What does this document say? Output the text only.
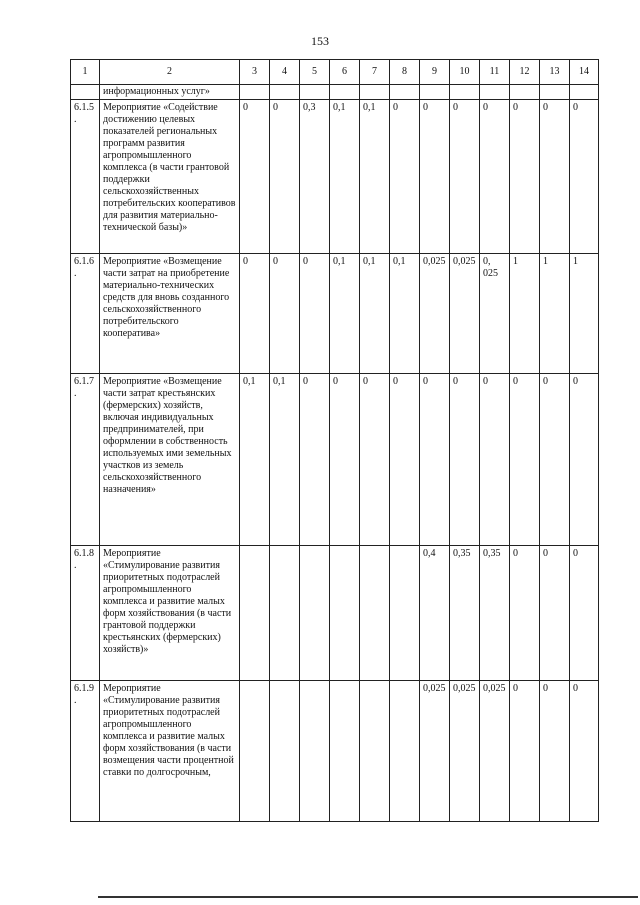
153
1	2	3	4	5	6	7	8	9	10	11	12	13	14
	информационных услуг»												
6.1.5.	Мероприятие «Содействие достижению целевых показателей региональных программ развития агропромышленного комплекса (в части грантовой поддержки сельскохозяйственных потребительских кооперативов для развития материально-технической базы)»	0	0	0,3	0,1	0,1	0	0	0	0	0	0	0
6.1.6.	Мероприятие «Возмещение части затрат на приобретение материально-технических средств для вновь созданного сельскохозяйственного потребительского кооператива»	0	0	0	0,1	0,1	0,1	0,025	0,025	0, 025	1	1	1
6.1.7.	Мероприятие «Возмещение части затрат крестьянских (фермерских) хозяйств, включая индивидуальных предпринимателей, при оформлении в собственность используемых ими земельных участков из земель сельскохозяйственного назначения»	0,1	0,1	0	0	0	0	0	0	0	0	0	0
6.1.8.	Мероприятие «Стимулирование развития приоритетных подотраслей агропромышленного комплекса и развитие малых форм хозяйствования (в части грантовой поддержки крестьянских (фермерских) хозяйств)»							0,4	0,35	0,35	0	0	0
6.1.9.	Мероприятие «Стимулирование развития приоритетных подотраслей агропромышленного комплекса и развитие малых форм хозяйствования (в части возмещения части процентной ставки по долгосрочным,							0,025	0,025	0,025	0	0	0
